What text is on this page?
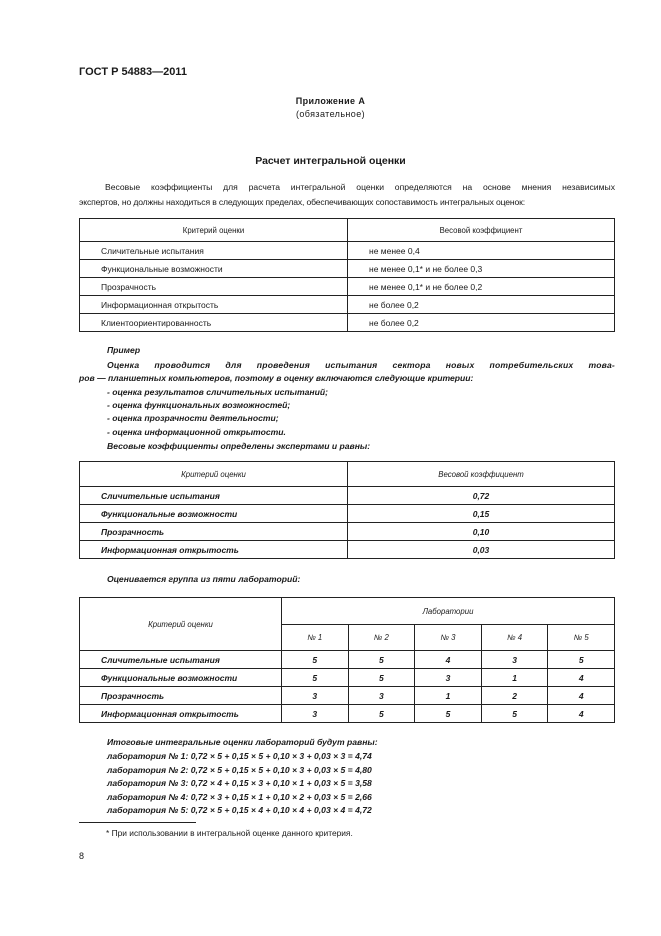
ГОСТ Р 54883—2011
Приложение А
(обязательное)
Расчет интегральной оценки
Весовые коэффициенты для расчета интегральной оценки определяются на основе мнения независимых
экспертов, но должны находиться в следующих пределах, обеспечивающих сопоставимость интегральных оценок:
Критерий оценки	Весовой коэффициент
Сличительные испытания	не менее 0,4
Функциональные возможности	не менее 0,1* и не более 0,3
Прозрачность	не менее 0,1* и не более 0,2
Информационная открытость	не более 0,2
Клиентоориентированность	не более 0,2
Пример
Оценка проводится для проведения испытания сектора новых потребительских това-
ров — планшетных компьютеров, поэтому в оценку включаются следующие критерии:
- оценка результатов сличительных испытаний;
- оценка функциональных возможностей;
- оценка прозрачности деятельности;
- оценка информационной открытости.
Весовые коэффициенты определены экспертами и равны:
Критерий оценки	Весовой коэффициент
Сличительные испытания	0,72
Функциональные возможности	0,15
Прозрачность	0,10
Информационная открытость	0,03
Оценивается группа из пяти лабораторий:
Критерий оценки	Лаборатории				
	№ 1	№ 2	№ 3	№ 4	№ 5
Сличительные испытания	5	5	4	3	5
Функциональные возможности	5	5	3	1	4
Прозрачность	3	3	1	2	4
Информационная открытость	3	5	5	5	4
Итоговые интегральные оценки лабораторий будут равны:
лаборатория № 1: 0,72 × 5 + 0,15 × 5 + 0,10 × 3 + 0,03 × 3 = 4,74
лаборатория № 2: 0,72 × 5 + 0,15 × 5 + 0,10 × 3 + 0,03 × 5 = 4,80
лаборатория № 3: 0,72 × 4 + 0,15 × 3 + 0,10 × 1 + 0,03 × 5 = 3,58
лаборатория № 4: 0,72 × 3 + 0,15 × 1 + 0,10 × 2 + 0,03 × 5 = 2,66
лаборатория № 5: 0,72 × 5 + 0,15 × 4 + 0,10 × 4 + 0,03 × 4 = 4,72
* При использовании в интегральной оценке данного критерия.
8
